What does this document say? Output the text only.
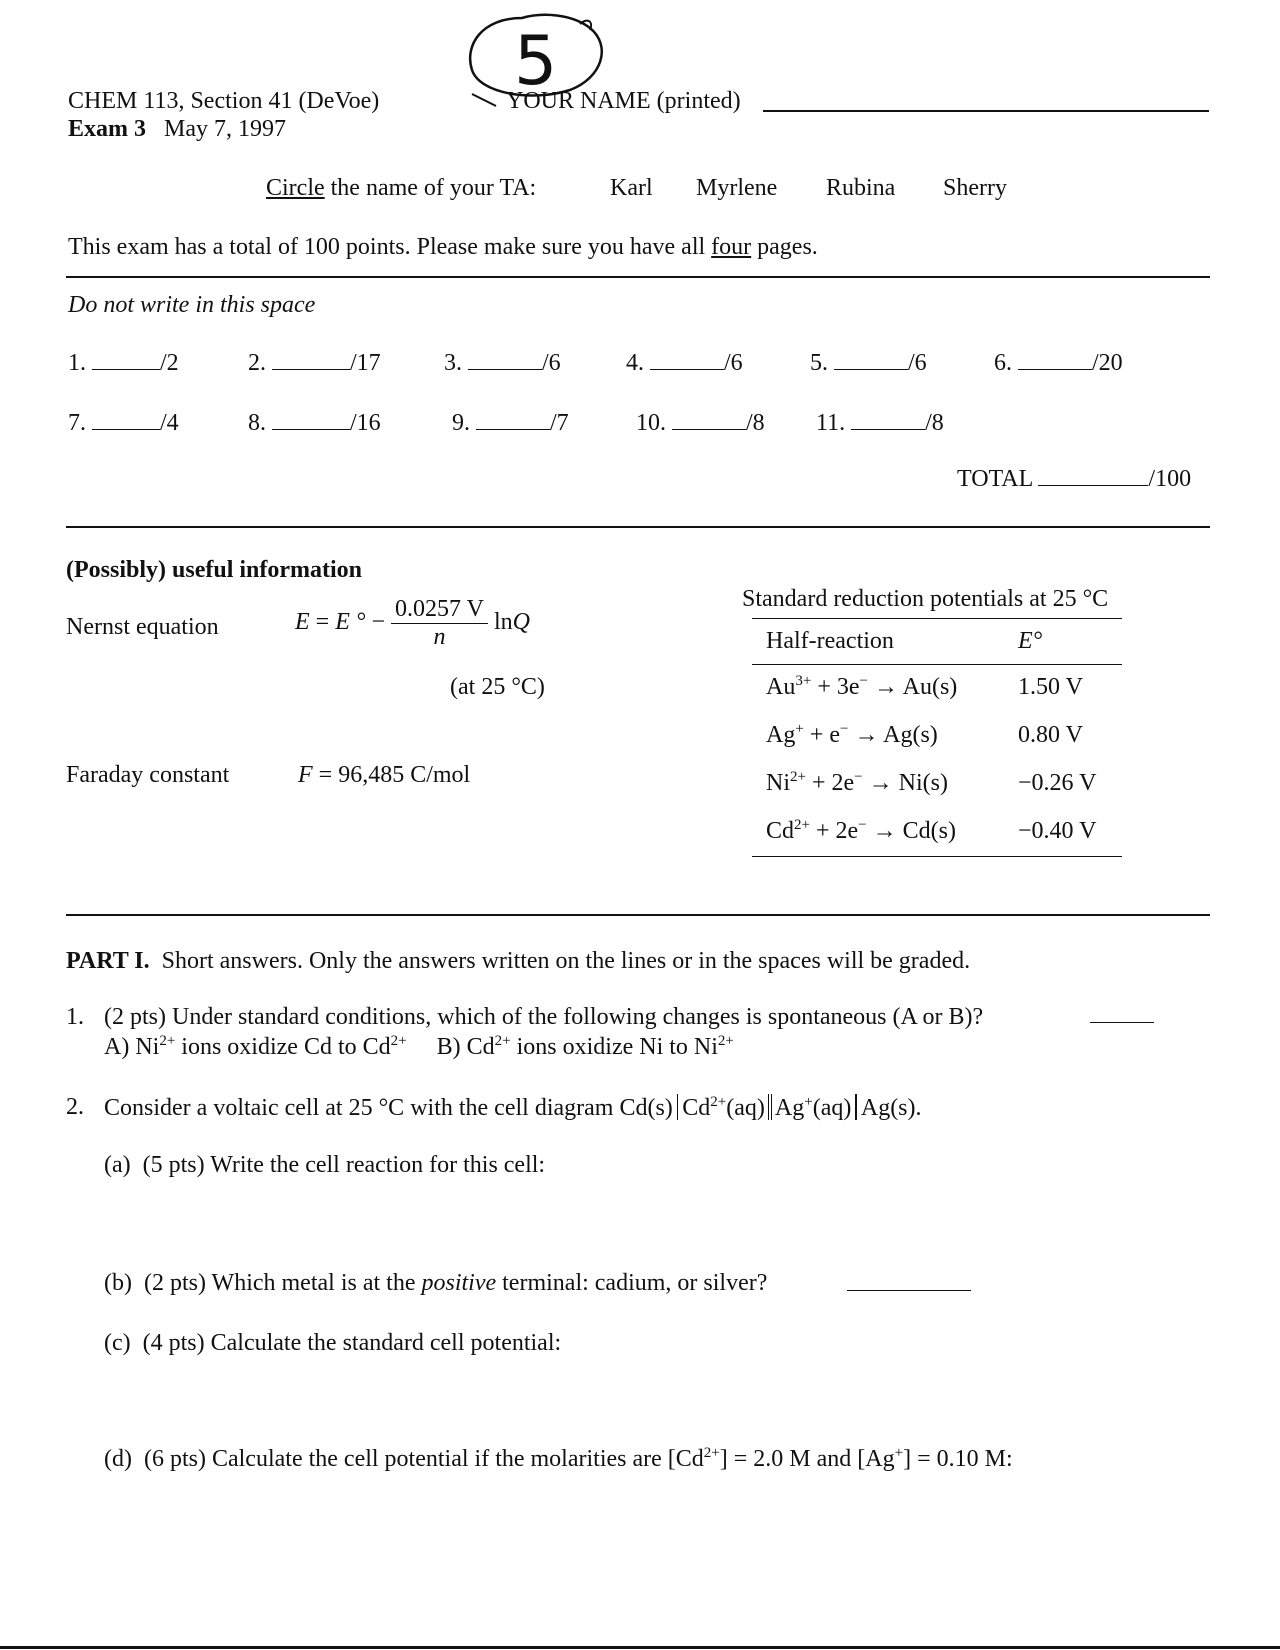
5
CHEM 113, Section 41 (DeVoe)
Exam 3 May 7, 1997
YOUR NAME (printed)
Circle the name of your TA:	Karl Myrlene Rubina Sherry
This exam has a total of 100 points. Please make sure you have all four pages.
Do not write in this space
1.	/2	2.	/17	3.	/6	4.	/6	5.	/6	6.	/20
7.	/4	8.	/16	9.	/7	10.	/8 11.	/8
TOTAL	/100
(Possibly) useful information
Nernst equation	E = E ° − $\frac{0.0257 V}{n}$ lnQ
(at 25 °C)
Faraday constant	F = 96,485 C/mol
Standard reduction potentials at 25 °C
Half-reaction	E°
$Au^{3+} + 3e^- \to Au(s)$	1.50 V
Ag+ + e− → Ag(s)	0.80 V
$Ni^{2+} + 2e^- \to Ni(s)$	−0.26 V
$Cd^{2+} + 2e^- \to Cd(s)$	−0.40 V
PART I. Short answers. Only the answers written on the lines or in the spaces will be graded.
1. (2 pts) Under standard conditions, which of the following changes is spontaneous (A or B)?
A) $Ni^{2+}$ ions oxidize Cd to $Cd^{2+}$ B) $Cd^{2+}$ ions oxidize Ni to $Ni^{2+}$
2. Consider a voltaic cell at 25 °C with the cell diagram Cd(s) $Cd^{2+}(aq)$ Ag+(aq) Ag(s).
(a) (5 pts) Write the cell reaction for this cell:
(b) (2 pts) Which metal is at the positive terminal: cadium, or silver?
(c) (4 pts) Calculate the standard cell potential:
(d) (6 pts) Calculate the cell potential if the molarities are $[Cd^{2+}] = 2.0$ M and [Ag+] = 0.10 M:
